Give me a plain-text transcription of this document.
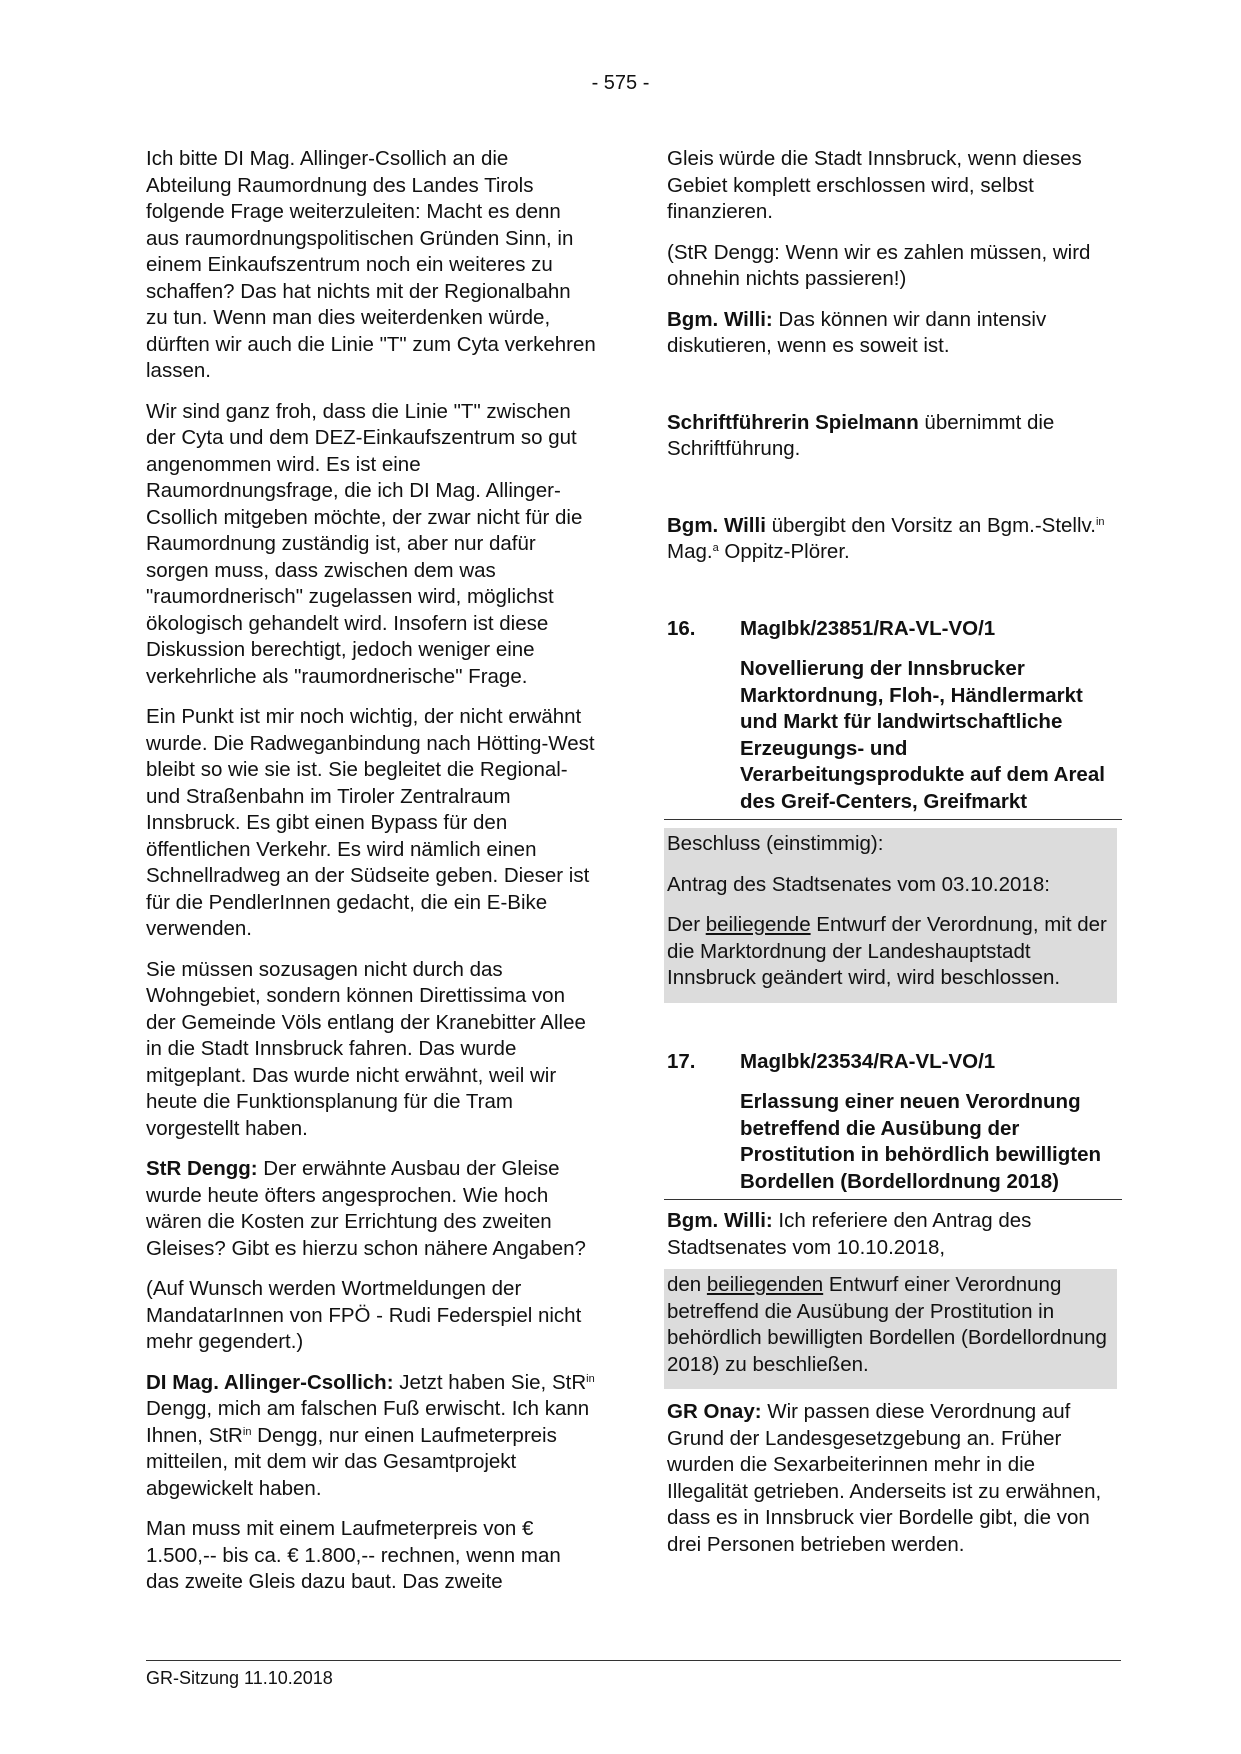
- 575 -

Ich bitte DI Mag. Allinger-Csollich an die Abteilung Raumordnung des Landes Tirols folgende Frage weiterzuleiten: Macht es denn aus raumordnungspolitischen Gründen Sinn, in einem Einkaufszentrum noch ein weiteres zu schaffen? Das hat nichts mit der Regionalbahn zu tun. Wenn man dies weiterdenken würde, dürften wir auch die Linie "T" zum Cyta verkehren lassen.

Wir sind ganz froh, dass die Linie "T" zwischen der Cyta und dem DEZ-Einkaufszentrum so gut angenommen wird. Es ist eine Raumordnungsfrage, die ich DI Mag. Allinger-Csollich mitgeben möchte, der zwar nicht für die Raumordnung zuständig ist, aber nur dafür sorgen muss, dass zwischen dem was "raumordnerisch" zugelassen wird, möglichst ökologisch gehandelt wird. Insofern ist diese Diskussion berechtigt, jedoch weniger eine verkehrliche als "raumordnerische" Frage.

Ein Punkt ist mir noch wichtig, der nicht erwähnt wurde. Die Radweganbindung nach Hötting-West bleibt so wie sie ist. Sie begleitet die Regional- und Straßenbahn im Tiroler Zentralraum Innsbruck. Es gibt einen Bypass für den öffentlichen Verkehr. Es wird nämlich einen Schnellradweg an der Südseite geben. Dieser ist für die PendlerInnen gedacht, die ein E-Bike verwenden.

Sie müssen sozusagen nicht durch das Wohngebiet, sondern können Direttissima von der Gemeinde Völs entlang der Kranebitter Allee in die Stadt Innsbruck fahren. Das wurde mitgeplant. Das wurde nicht erwähnt, weil wir heute die Funktionsplanung für die Tram vorgestellt haben.

StR Dengg: Der erwähnte Ausbau der Gleise wurde heute öfters angesprochen. Wie hoch wären die Kosten zur Errichtung des zweiten Gleises? Gibt es hierzu schon nähere Angaben?

(Auf Wunsch werden Wortmeldungen der MandatarInnen von FPÖ - Rudi Federspiel nicht mehr gegendert.)

DI Mag. Allinger-Csollich: Jetzt haben Sie, StR$^{in}$ Dengg, mich am falschen Fuß erwischt. Ich kann Ihnen, StR$^{in}$ Dengg, nur einen Laufmeterpreis mitteilen, mit dem wir das Gesamtprojekt abgewickelt haben.

Man muss mit einem Laufmeterpreis von € 1.500,-- bis ca. € 1.800,-- rechnen, wenn man das zweite Gleis dazu baut. Das zweite

Gleis würde die Stadt Innsbruck, wenn dieses Gebiet komplett erschlossen wird, selbst finanzieren.

(StR Dengg: Wenn wir es zahlen müssen, wird ohnehin nichts passieren!)

Bgm. Willi: Das können wir dann intensiv diskutieren, wenn es soweit ist.

Schriftführerin Spielmann übernimmt die Schriftführung.

Bgm. Willi übergibt den Vorsitz an Bgm.-Stellv.$^{in}$ Mag.$^a$ Oppitz-Plörer.

16.	MagIbk/23851/RA-VL-VO/1
Novellierung der Innsbrucker Marktordnung, Floh-, Händlermarkt und Markt für landwirtschaftliche Erzeugungs- und Verarbeitungsprodukte auf dem Areal des Greif-Centers, Greifmarkt

Beschluss (einstimmig):

Antrag des Stadtsenates vom 03.10.2018:

Der beiliegende Entwurf der Verordnung, mit der die Marktordnung der Landeshauptstadt Innsbruck geändert wird, wird beschlossen.

17.	MagIbk/23534/RA-VL-VO/1
Erlassung einer neuen Verordnung betreffend die Ausübung der Prostitution in behördlich bewilligten Bordellen (Bordellordnung 2018)

Bgm. Willi: Ich referiere den Antrag des Stadtsenates vom 10.10.2018,

den beiliegenden Entwurf einer Verordnung betreffend die Ausübung der Prostitution in behördlich bewilligten Bordellen (Bordellordnung 2018) zu beschließen.

GR Onay: Wir passen diese Verordnung auf Grund der Landesgesetzgebung an. Früher wurden die Sexarbeiterinnen mehr in die Illegalität getrieben. Anderseits ist zu erwähnen, dass es in Innsbruck vier Bordelle gibt, die von drei Personen betrieben werden.

GR-Sitzung 11.10.2018
